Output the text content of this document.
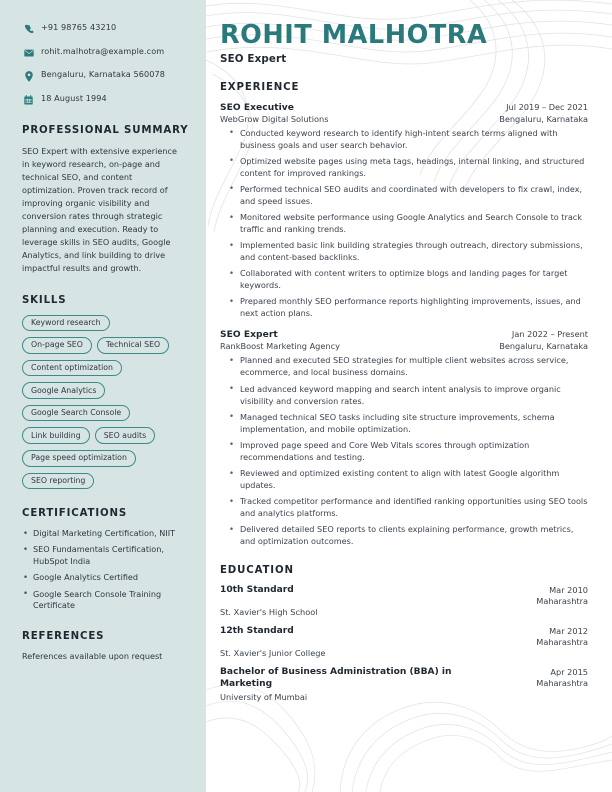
+91 98765 43210
rohit.malhotra@example.com
Bengaluru, Karnataka 560078
18 August 1994
PROFESSIONAL SUMMARY

SEO Expert with extensive experience in keyword research, on-page and technical SEO, and content optimization. Proven track record of improving organic visibility and conversion rates through strategic planning and execution. Ready to leverage skills in SEO audits, Google Analytics, and link building to drive impactful results and growth.

SKILLS
Keyword research
On-page SEO	Technical SEO
Content optimization
Google Analytics
Google Search Console
Link building	SEO audits
Page speed optimization
SEO reporting
CERTIFICATIONS
• Digital Marketing Certification, NIIT
• SEO Fundamentals Certification, HubSpot India
• Google Analytics Certified
• Google Search Console Training Certificate
REFERENCES

References available upon request

ROHIT MALHOTRA
SEO Expert
EXPERIENCE
SEO Executive	Jul 2019 – Dec 2021
WebGrow Digital Solutions	Bengaluru, Karnataka
• Conducted keyword research to identify high-intent search terms aligned with business goals and user search behavior.
• Optimized website pages using meta tags, headings, internal linking, and structured content for improved rankings.
• Performed technical SEO audits and coordinated with developers to fix crawl, index, and speed issues.
• Monitored website performance using Google Analytics and Search Console to track traffic and ranking trends.
• Implemented basic link building strategies through outreach, directory submissions, and content-based backlinks.
• Collaborated with content writers to optimize blogs and landing pages for target keywords.
• Prepared monthly SEO performance reports highlighting improvements, issues, and next action plans.
SEO Expert	Jan 2022 – Present
RankBoost Marketing Agency	Bengaluru, Karnataka
• Planned and executed SEO strategies for multiple client websites across service, ecommerce, and local business domains.
• Led advanced keyword mapping and search intent analysis to improve organic visibility and conversion rates.
• Managed technical SEO tasks including site structure improvements, schema implementation, and mobile optimization.
• Improved page speed and Core Web Vitals scores through optimization recommendations and testing.
• Reviewed and optimized existing content to align with latest Google algorithm updates.
• Tracked competitor performance and identified ranking opportunities using SEO tools and analytics platforms.
• Delivered detailed SEO reports to clients explaining performance, growth metrics, and optimization outcomes.
EDUCATION
10th Standard	Mar 2010
Maharashtra
St. Xavier's High School
12th Standard	Mar 2012
Maharashtra
St. Xavier's Junior College
Bachelor of Business Administration (BBA) in Marketing
Apr 2015
Maharashtra
University of Mumbai
